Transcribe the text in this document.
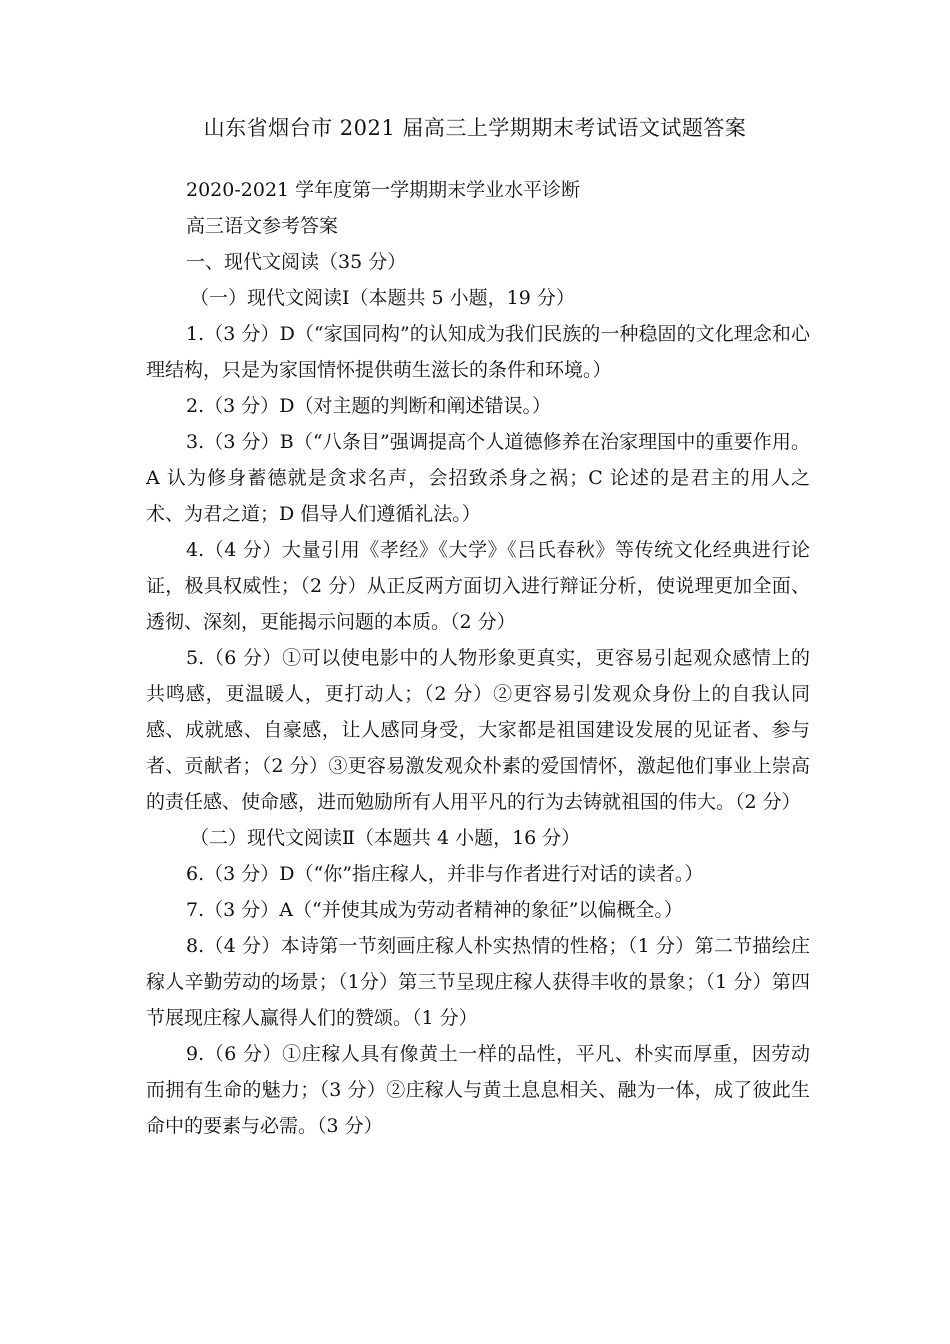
山东省烟台市 2021 届高三上学期期末考试语文试题答案

2020-2021 学年度第一学期期末学业水平诊断

高三语文参考答案

一、现代文阅读（35 分）

（一）现代文阅读Ⅰ（本题共 5 小题，19 分）

1.（3 分）D（“家国同构”的认知成为我们民族的一种稳固的文化理念和心理结构，只是为家国情怀提供萌生滋长的条件和环境。）

2.（3 分）D（对主题的判断和阐述错误。）

3.（3 分）B（“八条目”强调提高个人道德修养在治家理国中的重要作用。A 认为修身蓄德就是贪求名声，会招致杀身之祸；C 论述的是君主的用人之术、为君之道；D 倡导人们遵循礼法。）

4.（4 分）大量引用《孝经》《大学》《吕氏春秋》等传统文化经典进行论证，极具权威性；（2 分）从正反两方面切入进行辩证分析，使说理更加全面、透彻、深刻，更能揭示问题的本质。（2 分）

5.（6 分）①可以使电影中的人物形象更真实，更容易引起观众感情上的共鸣感，更温暖人，更打动人；（2 分）②更容易引发观众身份上的自我认同感、成就感、自豪感，让人感同身受，大家都是祖国建设发展的见证者、参与者、贡献者；（2 分）③更容易激发观众朴素的爱国情怀，激起他们事业上崇高的责任感、使命感，进而勉励所有人用平凡的行为去铸就祖国的伟大。（2 分）

（二）现代文阅读Ⅱ（本题共 4 小题，16 分）

6.（3 分）D（“你”指庄稼人，并非与作者进行对话的读者。）

7.（3 分）A（“并使其成为劳动者精神的象征”以偏概全。）

8.（4 分）本诗第一节刻画庄稼人朴实热情的性格；（1 分）第二节描绘庄稼人辛勤劳动的场景；（1分）第三节呈现庄稼人获得丰收的景象；（1 分）第四节展现庄稼人赢得人们的赞颂。（1 分）

9.（6 分）①庄稼人具有像黄土一样的品性，平凡、朴实而厚重，因劳动而拥有生命的魅力；（3 分）②庄稼人与黄土息息相关、融为一体，成了彼此生命中的要素与必需。（3 分）
